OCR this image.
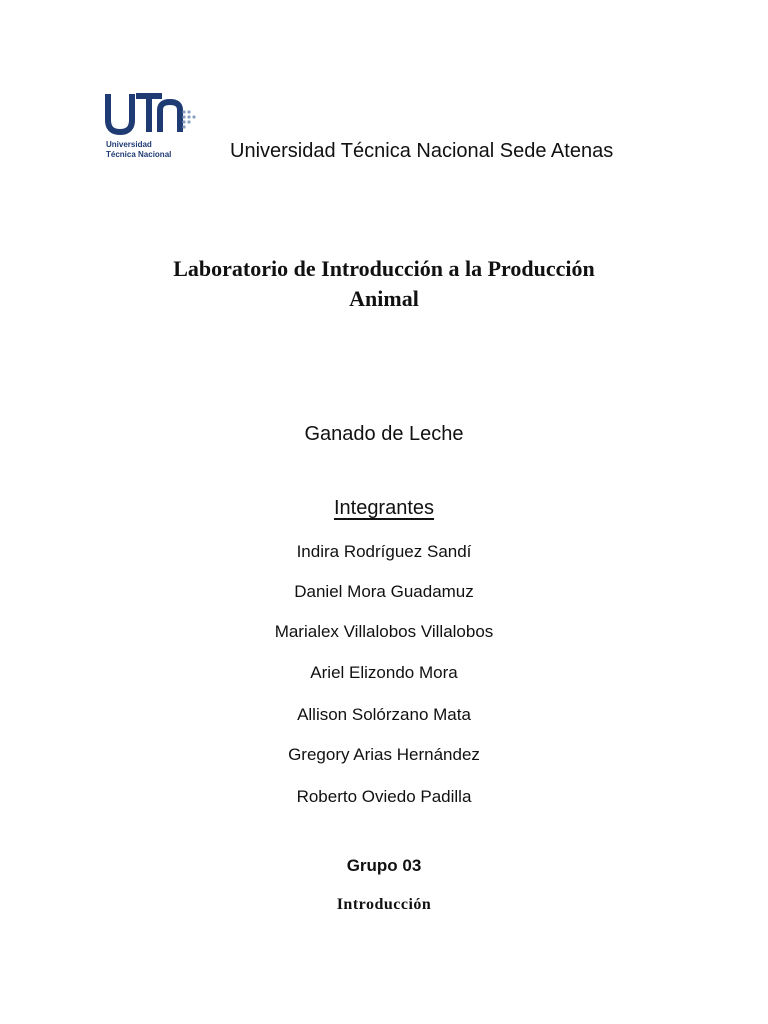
Universidad
Técnica Nacional	Universidad Técnica Nacional Sede Atenas
Laboratorio de Introducción a la Producción
Animal
Ganado de Leche
Integrantes
Indira Rodríguez Sandí
Daniel Mora Guadamuz
Marialex Villalobos Villalobos
Ariel Elizondo Mora
Allison Solórzano Mata
Gregory Arias Hernández
Roberto Oviedo Padilla
Grupo 03
Introducción
